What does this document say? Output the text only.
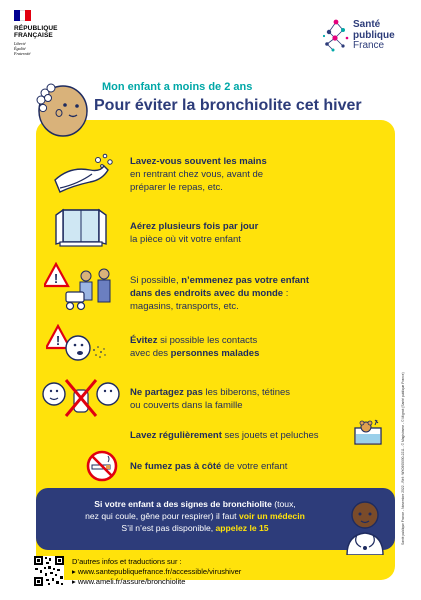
RÉPUBLIQUE
FRANÇAISE
Liberté
Égalité
Fraternité
Santé
publique
France
Mon enfant a moins de 2 ans
Pour éviter la bronchiolite cet hiver
Lavez-vous souvent les mains
en rentrant chez vous, avant de
préparer le repas, etc.
Aérez plusieurs fois par jour
la pièce où vit votre enfant
!	Si possible, n’emmenez pas votre enfant
dans des endroits avec du monde :
magasins, transports, etc.
!	Évitez si possible les contacts
avec des personnes malades
Ne partagez pas les biberons, tétines
ou couverts dans la famille
Lavez régulièrement ses jouets et peluches
Ne fumez pas à côté de votre enfant
Si votre enfant a des signes de bronchiolite (toux,
nez qui coule, gêne pour respirer) il faut voir un médecin
S’il n’est pas disponible, appelez le 15
D’autres infos et traductions sur :
▸ www.santepubliquefrance.fr/accessible/virushiver
▸ www.ameli.fr/assure/bronchiolite
Santé publique France - Novembre 2022 - Réf : WX0905000-2211 - © Magistrame - © Mignot (Santé publique France)
